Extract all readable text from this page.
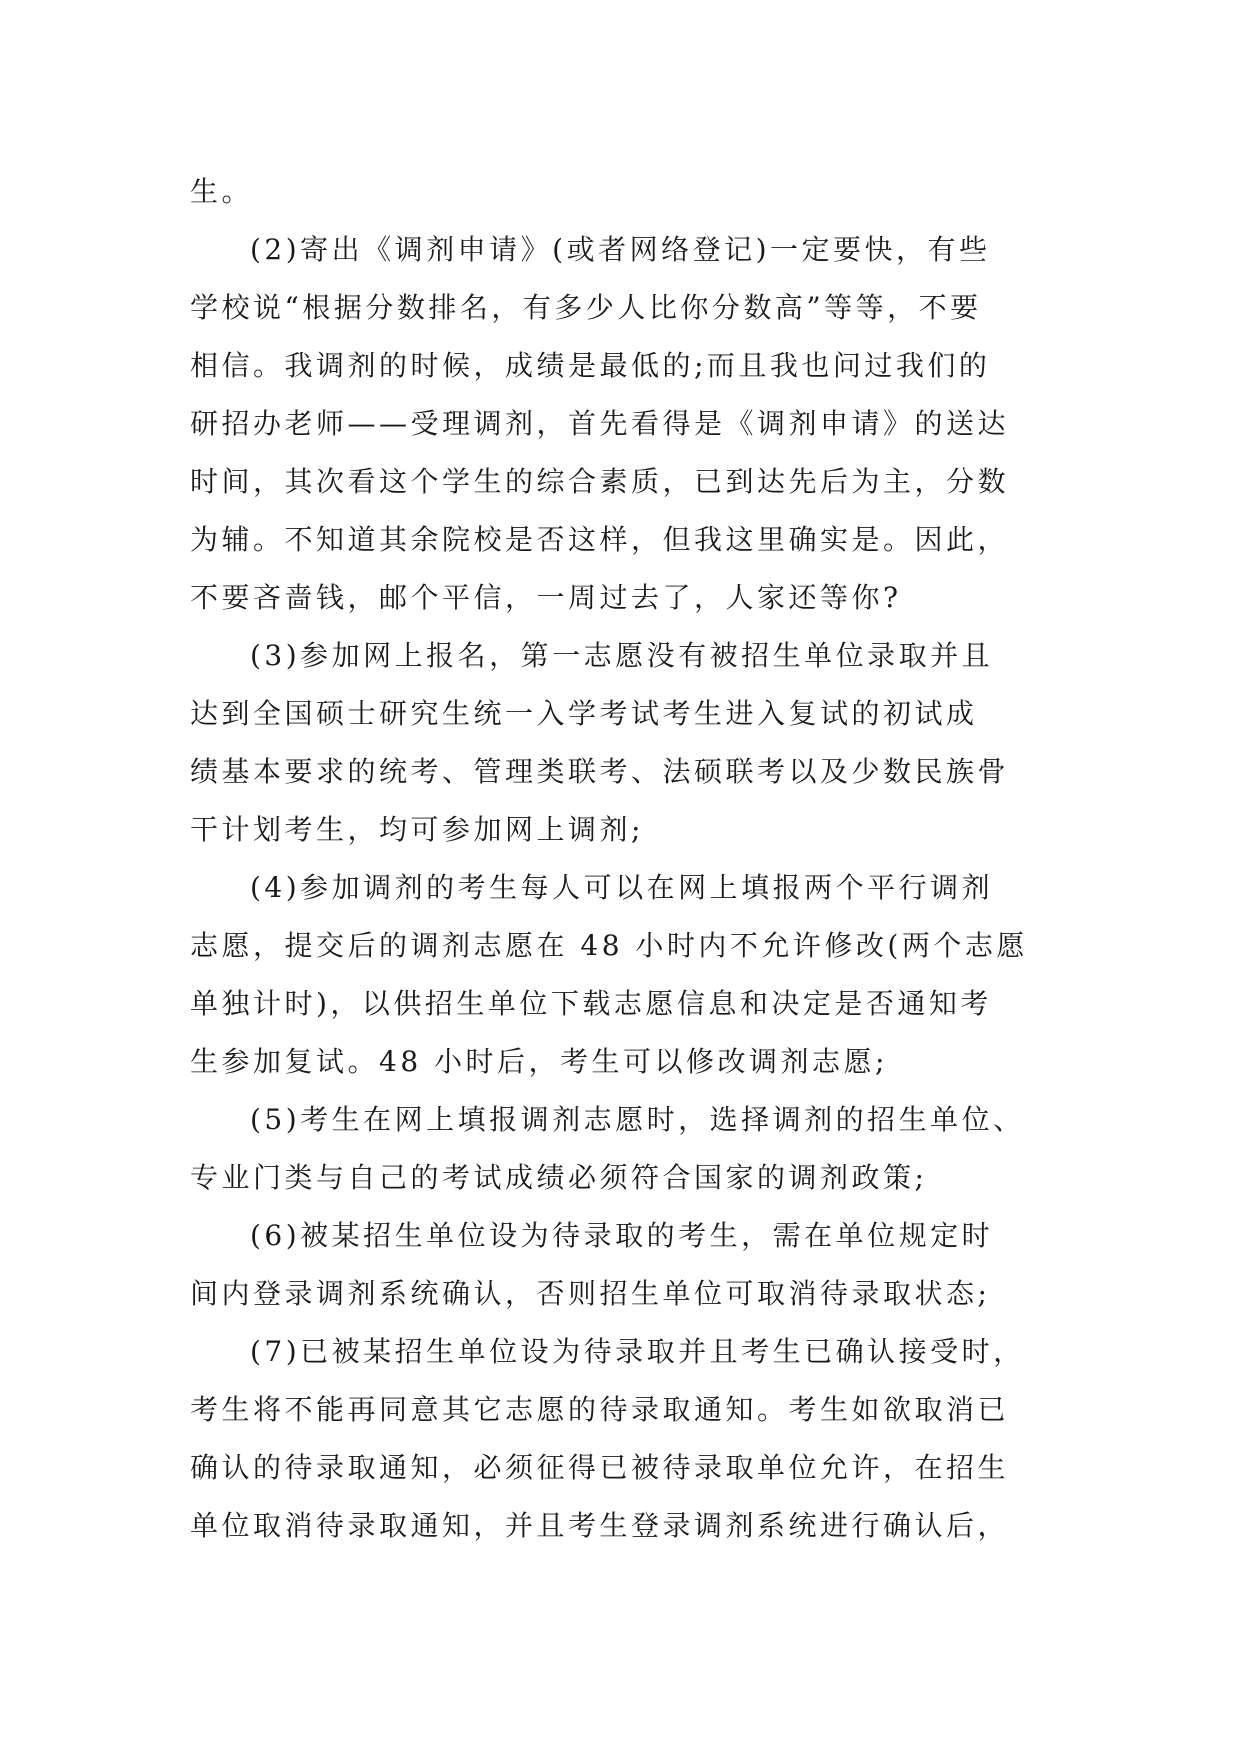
生。
(2)寄出《调剂申请》(或者网络登记)一定要快，有些
学校说“根据分数排名，有多少人比你分数高”等等，不要
相信。我调剂的时候，成绩是最低的;而且我也问过我们的
研招办老师——受理调剂，首先看得是《调剂申请》的送达
时间，其次看这个学生的综合素质，已到达先后为主，分数
为辅。不知道其余院校是否这样，但我这里确实是。因此，
不要吝啬钱，邮个平信，一周过去了，人家还等你?
(3)参加网上报名，第一志愿没有被招生单位录取并且
达到全国硕士研究生统一入学考试考生进入复试的初试成
绩基本要求的统考、管理类联考、法硕联考以及少数民族骨
干计划考生，均可参加网上调剂;
(4)参加调剂的考生每人可以在网上填报两个平行调剂
志愿，提交后的调剂志愿在 48 小时内不允许修改(两个志愿
单独计时)，以供招生单位下载志愿信息和决定是否通知考
生参加复试。48 小时后，考生可以修改调剂志愿;
(5)考生在网上填报调剂志愿时，选择调剂的招生单位、
专业门类与自己的考试成绩必须符合国家的调剂政策;
(6)被某招生单位设为待录取的考生，需在单位规定时
间内登录调剂系统确认，否则招生单位可取消待录取状态;
(7)已被某招生单位设为待录取并且考生已确认接受时，
考生将不能再同意其它志愿的待录取通知。考生如欲取消已
确认的待录取通知，必须征得已被待录取单位允许，在招生
单位取消待录取通知，并且考生登录调剂系统进行确认后，
